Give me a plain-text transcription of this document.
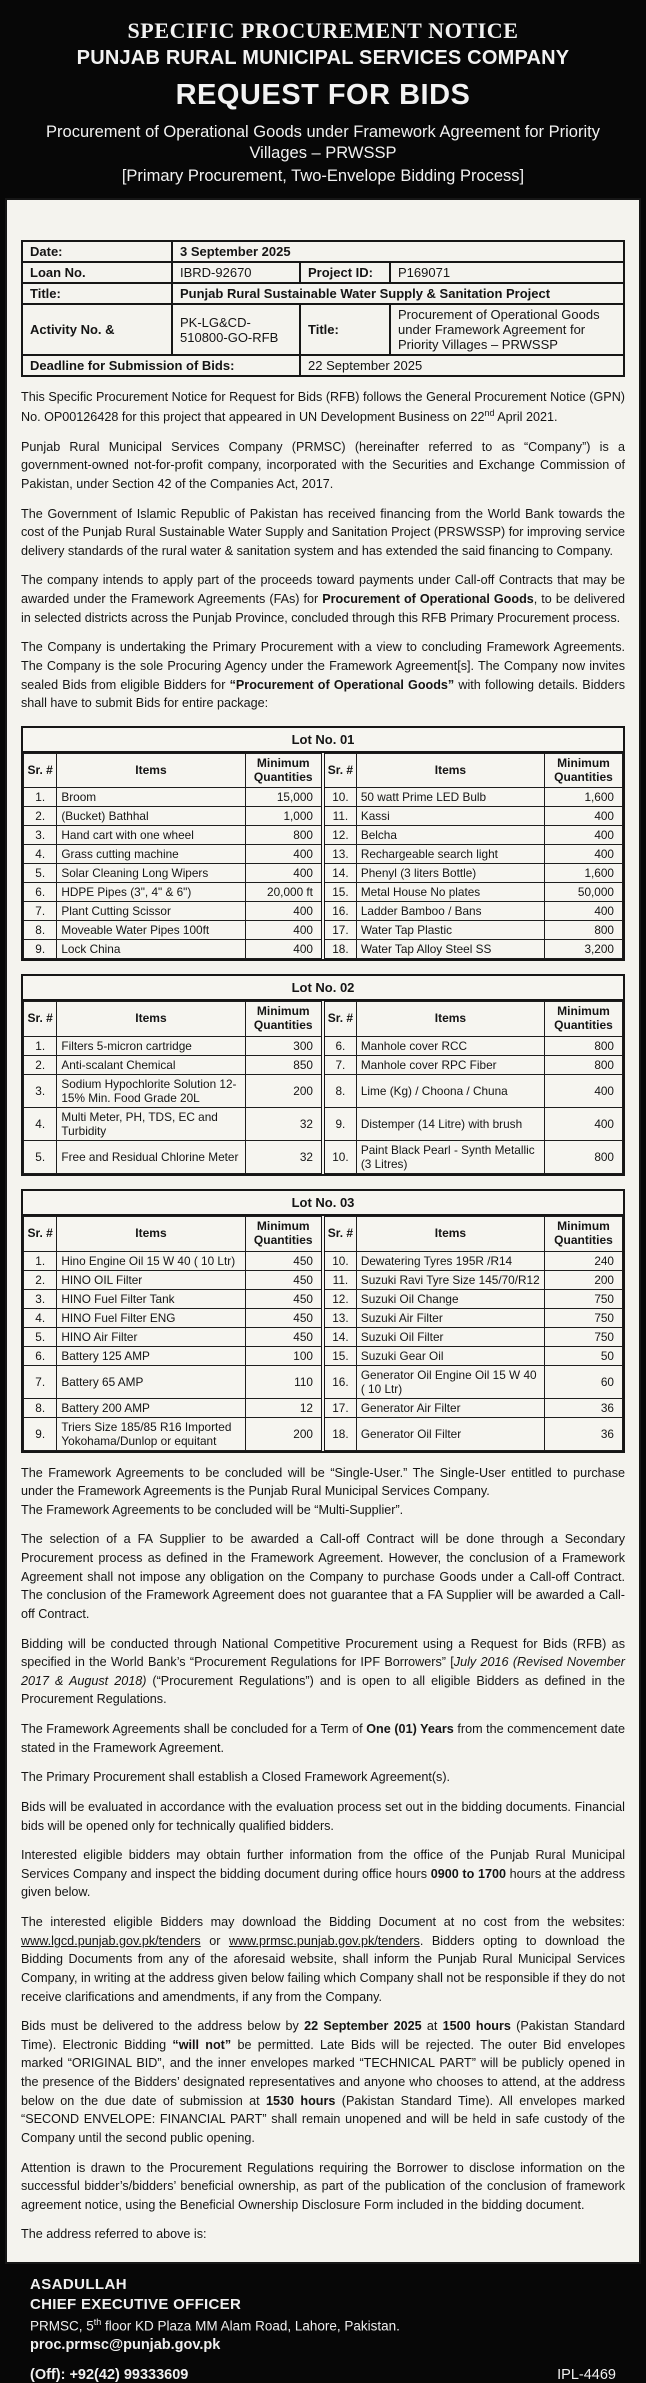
SPECIFIC PROCUREMENT NOTICE
PUNJAB RURAL MUNICIPAL SERVICES COMPANY
REQUEST FOR BIDS
Procurement of Operational Goods under Framework Agreement for Priority
Villages – PRWSSP
[Primary Procurement, Two-Envelope Bidding Process]
Date:	3 September 2025		
Loan No.	IBRD-92670	Project ID:	P169071
Title:	Punjab Rural Sustainable Water Supply & Sanitation Project		
Activity No. &	PK-LG&CD-510800-GO-RFB	Title:	Procurement of Operational Goods under Framework Agreement for Priority Villages – PRWSSP
Deadline for Submission of Bids:		22 September 2025	

This Specific Procurement Notice for Request for Bids (RFB) follows the General Procurement Notice (GPN) No. OP00126428 for this project that appeared in UN Development Business on 22nd April 2021.

Punjab Rural Municipal Services Company (PRMSC) (hereinafter referred to as “Company”) is a government-owned not-for-profit company, incorporated with the Securities and Exchange Commission of Pakistan, under Section 42 of the Companies Act, 2017.

The Government of Islamic Republic of Pakistan has received financing from the World Bank towards the cost of the Punjab Rural Sustainable Water Supply and Sanitation Project (PRSWSSP) for improving service delivery standards of the rural water & sanitation system and has extended the said financing to Company.

The company intends to apply part of the proceeds toward payments under Call-off Contracts that may be awarded under the Framework Agreements (FAs) for Procurement of Operational Goods, to be delivered in selected districts across the Punjab Province, concluded through this RFB Primary Procurement process.

The Company is undertaking the Primary Procurement with a view to concluding Framework Agreements. The Company is the sole Procuring Agency under the Framework Agreement[s]. The Company now invites sealed Bids from eligible Bidders for “Procurement of Operational Goods” with following details. Bidders shall have to submit Bids for entire package:

Lot No. 01
Sr. #	Items	Minimum Quantities	Sr. #	Items	Minimum Quantities
1.	Broom	15,000	10.	50 watt Prime LED Bulb	1,600
2.	(Bucket) Bathhal	1,000	11.	Kassi	400
3.	Hand cart with one wheel	800	12.	Belcha	400
4.	Grass cutting machine	400	13.	Rechargeable search light	400
5.	Solar Cleaning Long Wipers	400	14.	Phenyl (3 liters Bottle)	1,600
6.	HDPE Pipes (3", 4" & 6")	20,000 ft	15.	Metal House No plates	50,000
7.	Plant Cutting Scissor	400	16.	Ladder Bamboo / Bans	400
8.	Moveable Water Pipes 100ft	400	17.	Water Tap Plastic	800
9.	Lock China	400	18.	Water Tap Alloy Steel SS	3,200
Lot No. 02
Sr. #	Items	Minimum Quantities	Sr. #	Items	Minimum Quantities
1.	Filters 5-micron cartridge	300	6.	Manhole cover RCC	800
2.	Anti-scalant Chemical	850	7.	Manhole cover RPC Fiber	800
3.	Sodium Hypochlorite Solution 12-15% Min. Food Grade 20L	200	8.	Lime (Kg) / Choona / Chuna	400
4.	Multi Meter, PH, TDS, EC and Turbidity	32	9.	Distemper (14 Litre) with brush	400
5.	Free and Residual Chlorine Meter	32	10.	Paint Black Pearl - Synth Metallic (3 Litres)	800
Lot No. 03
Sr. #	Items	Minimum Quantities	Sr. #	Items	Minimum Quantities
1.	Hino Engine Oil 15 W 40 ( 10 Ltr)	450	10.	Dewatering Tyres 195R /R14	240
2.	HINO OIL Filter	450	11.	Suzuki Ravi Tyre Size 145/70/R12	200
3.	HINO Fuel Filter Tank	450	12.	Suzuki Oil Change	750
4.	HINO Fuel Filter ENG	450	13.	Suzuki Air Filter	750
5.	HINO Air Filter	450	14.	Suzuki Oil Filter	750
6.	Battery 125 AMP	100	15.	Suzuki Gear Oil	50
7.	Battery 65 AMP	110	16.	Generator Oil Engine Oil 15 W 40 ( 10 Ltr)	60
8.	Battery 200 AMP	12	17.	Generator Air Filter	36
9.	Triers Size 185/85 R16 Imported Yokohama/Dunlop or equitant	200	18.	Generator Oil Filter	36

The Framework Agreements to be concluded will be “Single-User.” The Single-User entitled to purchase under the Framework Agreements is the Punjab Rural Municipal Services Company.

The Framework Agreements to be concluded will be “Multi-Supplier”.

The selection of a FA Supplier to be awarded a Call-off Contract will be done through a Secondary Procurement process as defined in the Framework Agreement. However, the conclusion of a Framework Agreement shall not impose any obligation on the Company to purchase Goods under a Call-off Contract. The conclusion of the Framework Agreement does not guarantee that a FA Supplier will be awarded a Call-off Contract.

Bidding will be conducted through National Competitive Procurement using a Request for Bids (RFB) as specified in the World Bank’s “Procurement Regulations for IPF Borrowers” [July 2016 (Revised November 2017 & August 2018) (“Procurement Regulations”) and is open to all eligible Bidders as defined in the Procurement Regulations.

The Framework Agreements shall be concluded for a Term of One (01) Years from the commencement date stated in the Framework Agreement.

The Primary Procurement shall establish a Closed Framework Agreement(s).

Bids will be evaluated in accordance with the evaluation process set out in the bidding documents. Financial bids will be opened only for technically qualified bidders.

Interested eligible bidders may obtain further information from the office of the Punjab Rural Municipal Services Company and inspect the bidding document during office hours 0900 to 1700 hours at the address given below.

The interested eligible Bidders may download the Bidding Document at no cost from the websites: www.lgcd.punjab.gov.pk/tenders or www.prmsc.punjab.gov.pk/tenders. Bidders opting to download the Bidding Documents from any of the aforesaid website, shall inform the Punjab Rural Municipal Services Company, in writing at the address given below failing which Company shall not be responsible if they do not receive clarifications and amendments, if any from the Company.

Bids must be delivered to the address below by 22 September 2025 at 1500 hours (Pakistan Standard Time). Electronic Bidding “will not” be permitted. Late Bids will be rejected. The outer Bid envelopes marked “ORIGINAL BID”, and the inner envelopes marked “TECHNICAL PART” will be publicly opened in the presence of the Bidders’ designated representatives and anyone who chooses to attend, at the address below on the due date of submission at 1530 hours (Pakistan Standard Time). All envelopes marked “SECOND ENVELOPE: FINANCIAL PART” shall remain unopened and will be held in safe custody of the Company until the second public opening.

Attention is drawn to the Procurement Regulations requiring the Borrower to disclose information on the successful bidder’s/bidders’ beneficial ownership, as part of the publication of the conclusion of framework agreement notice, using the Beneficial Ownership Disclosure Form included in the bidding document.

The address referred to above is:

ASADULLAH
CHIEF EXECUTIVE OFFICER
PRMSC, 5th floor KD Plaza MM Alam Road, Lahore, Pakistan.
proc.prmsc@punjab.gov.pk
(Off): +92(42) 99333609	IPL-4469
